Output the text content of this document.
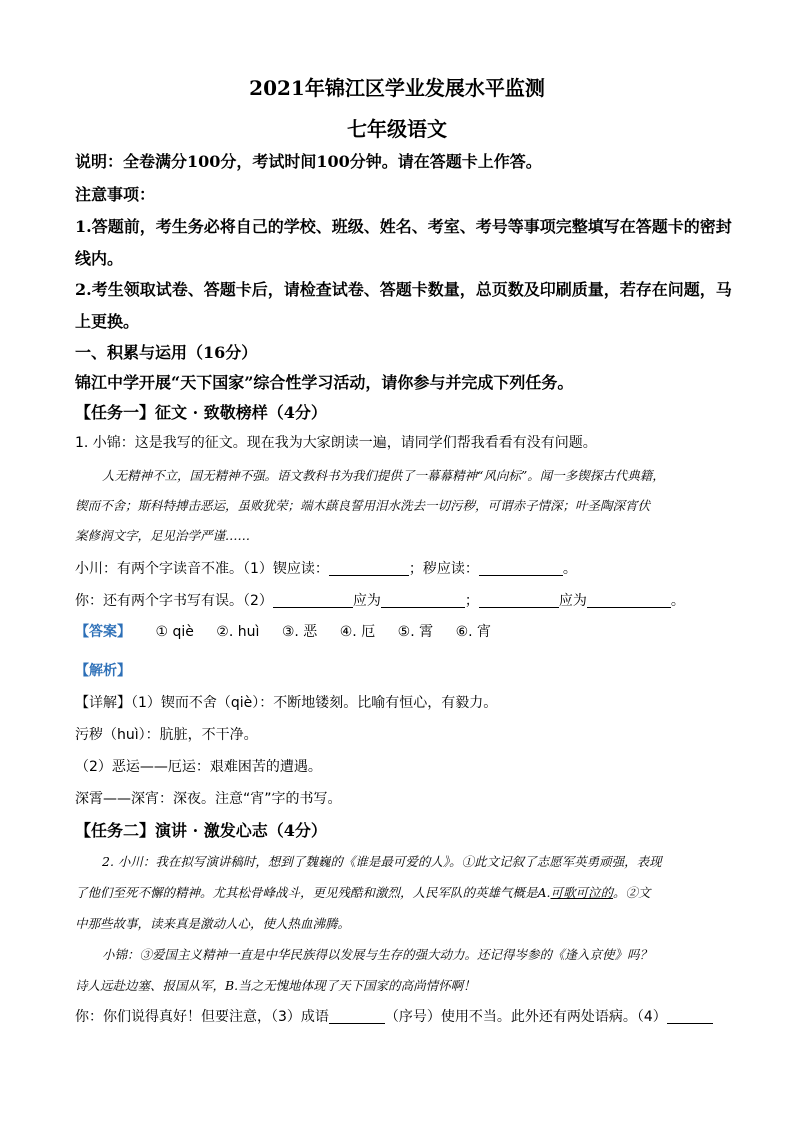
2021年锦江区学业发展水平监测
七年级语文
说明：全卷满分100分，考试时间100分钟。请在答题卡上作答。
注意事项：
1.答题前，考生务必将自己的学校、班级、姓名、考室、考号等事项完整填写在答题卡的密封
线内。
2.考生领取试卷、答题卡后，请检查试卷、答题卡数量，总页数及印刷质量，若存在问题，马
上更换。
一、积累与运用（16分）
锦江中学开展“天下国家”综合性学习活动，请你参与并完成下列任务。
【任务一】征文 · 致敬榜样（4分）
1. 小锦：这是我写的征文。现在我为大家朗读一遍，请同学们帮我看看有没有问题。
人无精神不立，国无精神不强。语文教科书为我们提供了一幕幕精神“风向标”。闻一多锲探古代典籍，
锲而不舍；斯科特搏击恶运，虽败犹荣；端木蕻良誓用泪水洗去一切污秽，可谓赤子情深；叶圣陶深宵伏
案修润文字，足见治学严谨……
小川：有两个字读音不准。（1）锲应读：	；秽应读：	。
你：还有两个字书写有误。（2）	应为	；	应为	。
【答案】 ① qiè ②. huì ③. 恶 ④. 厄 ⑤. 霄 ⑥. 宵
【解析】
【详解】（1）锲而不舍（qiè）：不断地镂刻。比喻有恒心，有毅力。
污秽（huì）：肮脏，不干净。
（2）恶运——厄运：艰难困苦的遭遇。
深霄——深宵：深夜。注意“宵”字的书写。
【任务二】演讲 · 激发心志（4分）
2. 小川：我在拟写演讲稿时，想到了魏巍的《谁是最可爱的人》。①此文记叙了志愿军英勇顽强，表现
了他们至死不懈的精神。尤其松骨峰战斗，更见残酷和激烈，人民军队的英雄气概是A.可歌可泣的。②文
中那些故事，读来真是激动人心，使人热血沸腾。
小锦：③爱国主义精神一直是中华民族得以发展与生存的强大动力。还记得岑参的《逢入京使》吗？
诗人远赴边塞、报国从军，B.当之无愧地体现了天下国家的高尚情怀啊！
你：你们说得真好！但要注意，（3）成语	（序号）使用不当。此外还有两处语病。（4）
